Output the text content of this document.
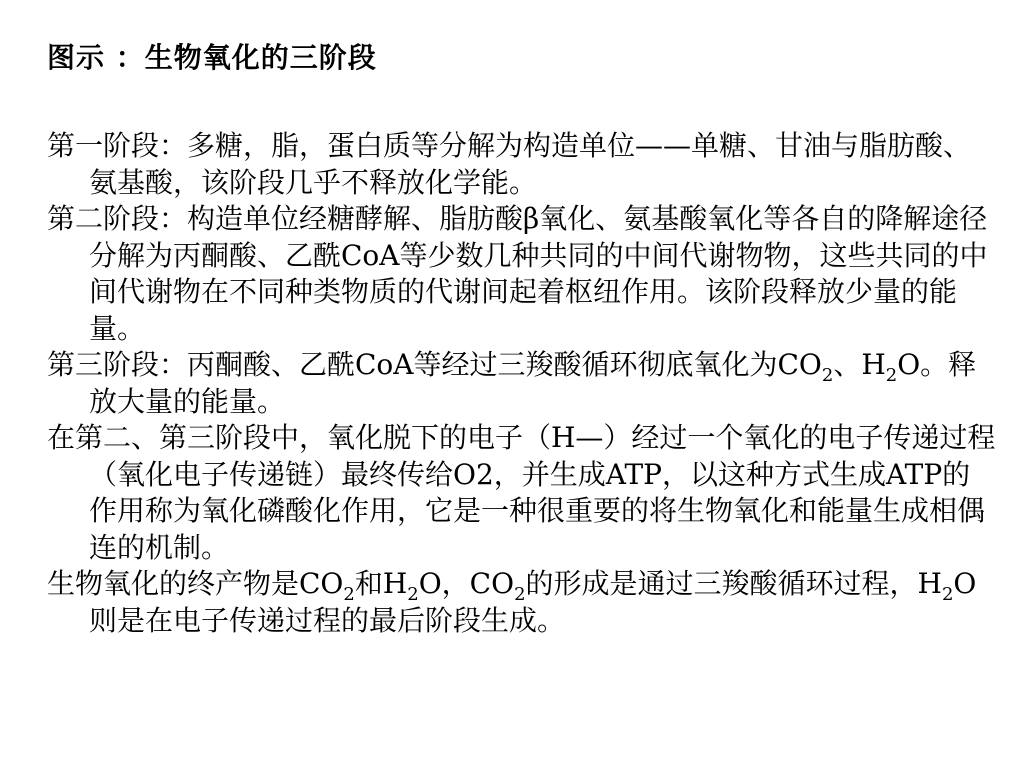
图示 ：生物氧化的三阶段
第一阶段：多糖，脂，蛋白质等分解为构造单位——单糖、甘油与脂肪酸、氨基酸，该阶段几乎不释放化学能。
第二阶段：构造单位经糖酵解、脂肪酸β氧化、氨基酸氧化等各自的降解途径分解为丙酮酸、乙酰CoA等少数几种共同的中间代谢物物，这些共同的中间代谢物在不同种类物质的代谢间起着枢纽作用。该阶段释放少量的能量。
第三阶段：丙酮酸、乙酰CoA等经过三羧酸循环彻底氧化为$CO_2$、$H_2O$。释放大量的能量。
在第二、第三阶段中，氧化脱下的电子（H—）经过一个氧化的电子传递过程（氧化电子传递链）最终传给O2，并生成ATP，以这种方式生成ATP的作用称为氧化磷酸化作用，它是一种很重要的将生物氧化和能量生成相偶连的机制。
生物氧化的终产物是$CO_2$和$H_2O$，$CO_2$的形成是通过三羧酸循环过程，$H_2O$则是在电子传递过程的最后阶段生成。
